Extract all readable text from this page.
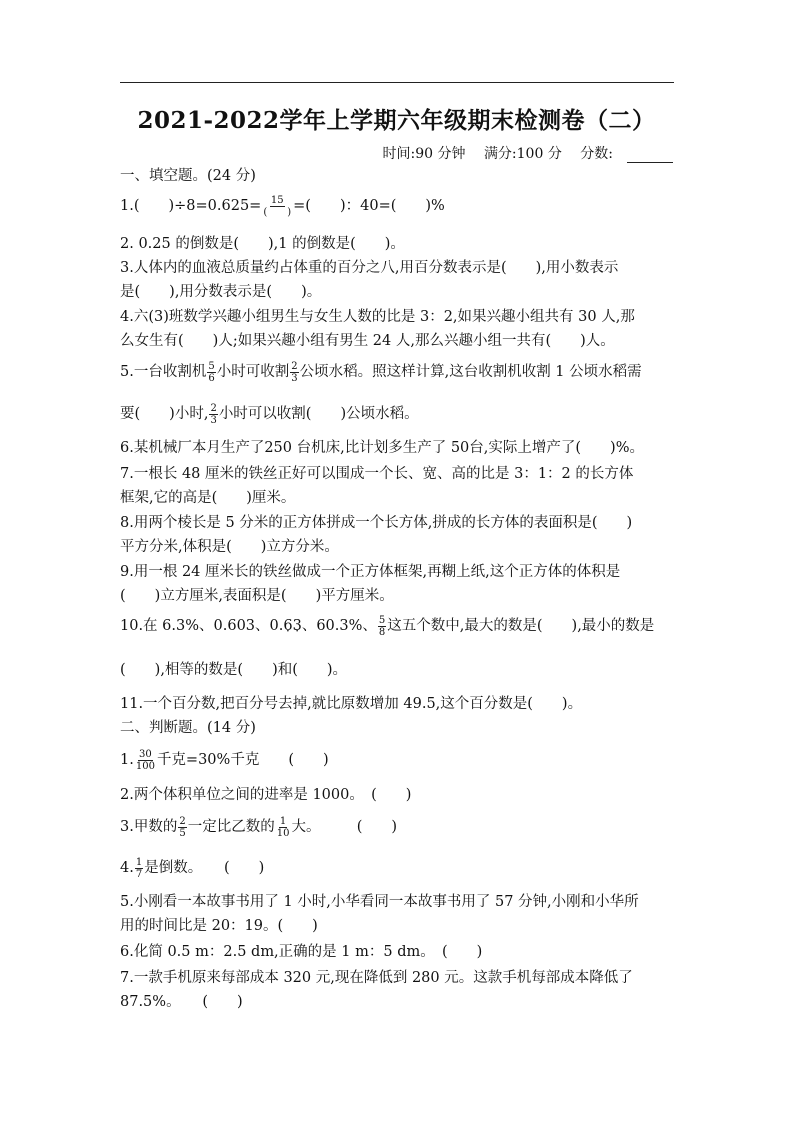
2021-2022学年上学期六年级期末检测卷（二）
时间:90 分钟 满分:100 分 分数:
一、填空题。(24 分)
1.(　　)÷8=0.625= 15
(　　) =(　　)：40=(　　)%
2. 0.25 的倒数是(　　),1 的倒数是(　　)。
3.人体内的血液总质量约占体重的百分之八,用百分数表示是(　　),用小数表示
是(　　),用分数表示是(　　)。
4.六(3)班数学兴趣小组男生与女生人数的比是 3：2,如果兴趣小组共有 30 人,那
么女生有(　　)人;如果兴趣小组有男生 24 人,那么兴趣小组一共有(　　)人。
5.一台收割机 $\frac{5}{6}$ 小时可收割 $\frac{2}{3}$ 公顷水稻。照这样计算,这台收割机收割 1 公顷水稻需
要(　　)小时, $\frac{2}{3}$ 小时可以收割(　　)公顷水稻。
6.某机械厂本月生产了250 台机床,比计划多生产了 50台,实际上增产了(　　)%。
7.一根长 48 厘米的铁丝正好可以围成一个长、宽、高的比是 3：1：2 的长方体
框架,它的高是(　　)厘米。
8.用两个棱长是 5 分米的正方体拼成一个长方体,拼成的长方体的表面积是(　　)
平方分米,体积是(　　)立方分米。
9.用一根 24 厘米长的铁丝做成一个正方体框架,再糊上纸,这个正方体的体积是
(　　)立方厘米,表面积是(　　)平方厘米。
10.在 6.3%、0.603、0.6 ·3 ·、60.3%、 $\frac{5}{8}$ 这五个数中,最大的数是(　　),最小的数是
(　　),相等的数是(　　)和(　　)。
11.一个百分数,把百分号去掉,就比原数增加 49.5,这个百分数是(　　)。
二、判断题。(14 分)
1. $\frac{30}{100}$ 千克=30%千克　　(　　)
2.两个体积单位之间的进率是 1000。　(　　)
3.甲数的 $\frac{2}{5}$ 一定比乙数的 $\frac{1}{10}$ 大。　　　(　　)
4. $\frac{1}{7}$ 是倒数。　　(　　)
5.小刚看一本故事书用了 1 小时,小华看同一本故事书用了 57 分钟,小刚和小华所
用的时间比是 20：19。(　　)
6.化简 0.5 m：2.5 dm,正确的是 1 m：5 dm。　(　　)
7.一款手机原来每部成本 320 元,现在降低到 280 元。这款手机每部成本降低了
87.5%。　　(　　)
